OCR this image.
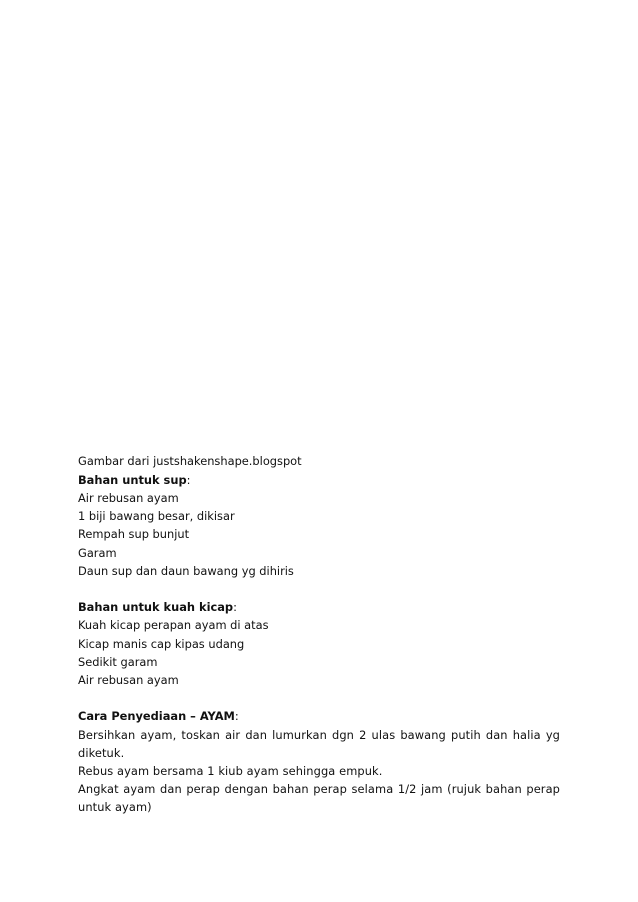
Gambar dari justshakenshape.blogspot

Bahan untuk sup:

Air rebusan ayam

1 biji bawang besar, dikisar

Rempah sup bunjut

Garam

Daun sup dan daun bawang yg dihiris

Bahan untuk kuah kicap:

Kuah kicap perapan ayam di atas

Kicap manis cap kipas udang

Sedikit garam

Air rebusan ayam

Cara Penyediaan – AYAM:

Bersihkan ayam, toskan air dan lumurkan dgn 2 ulas bawang putih dan halia yg diketuk.

Rebus ayam bersama 1 kiub ayam sehingga empuk.

Angkat ayam dan perap dengan bahan perap selama 1/2 jam (rujuk bahan perap untuk ayam)
